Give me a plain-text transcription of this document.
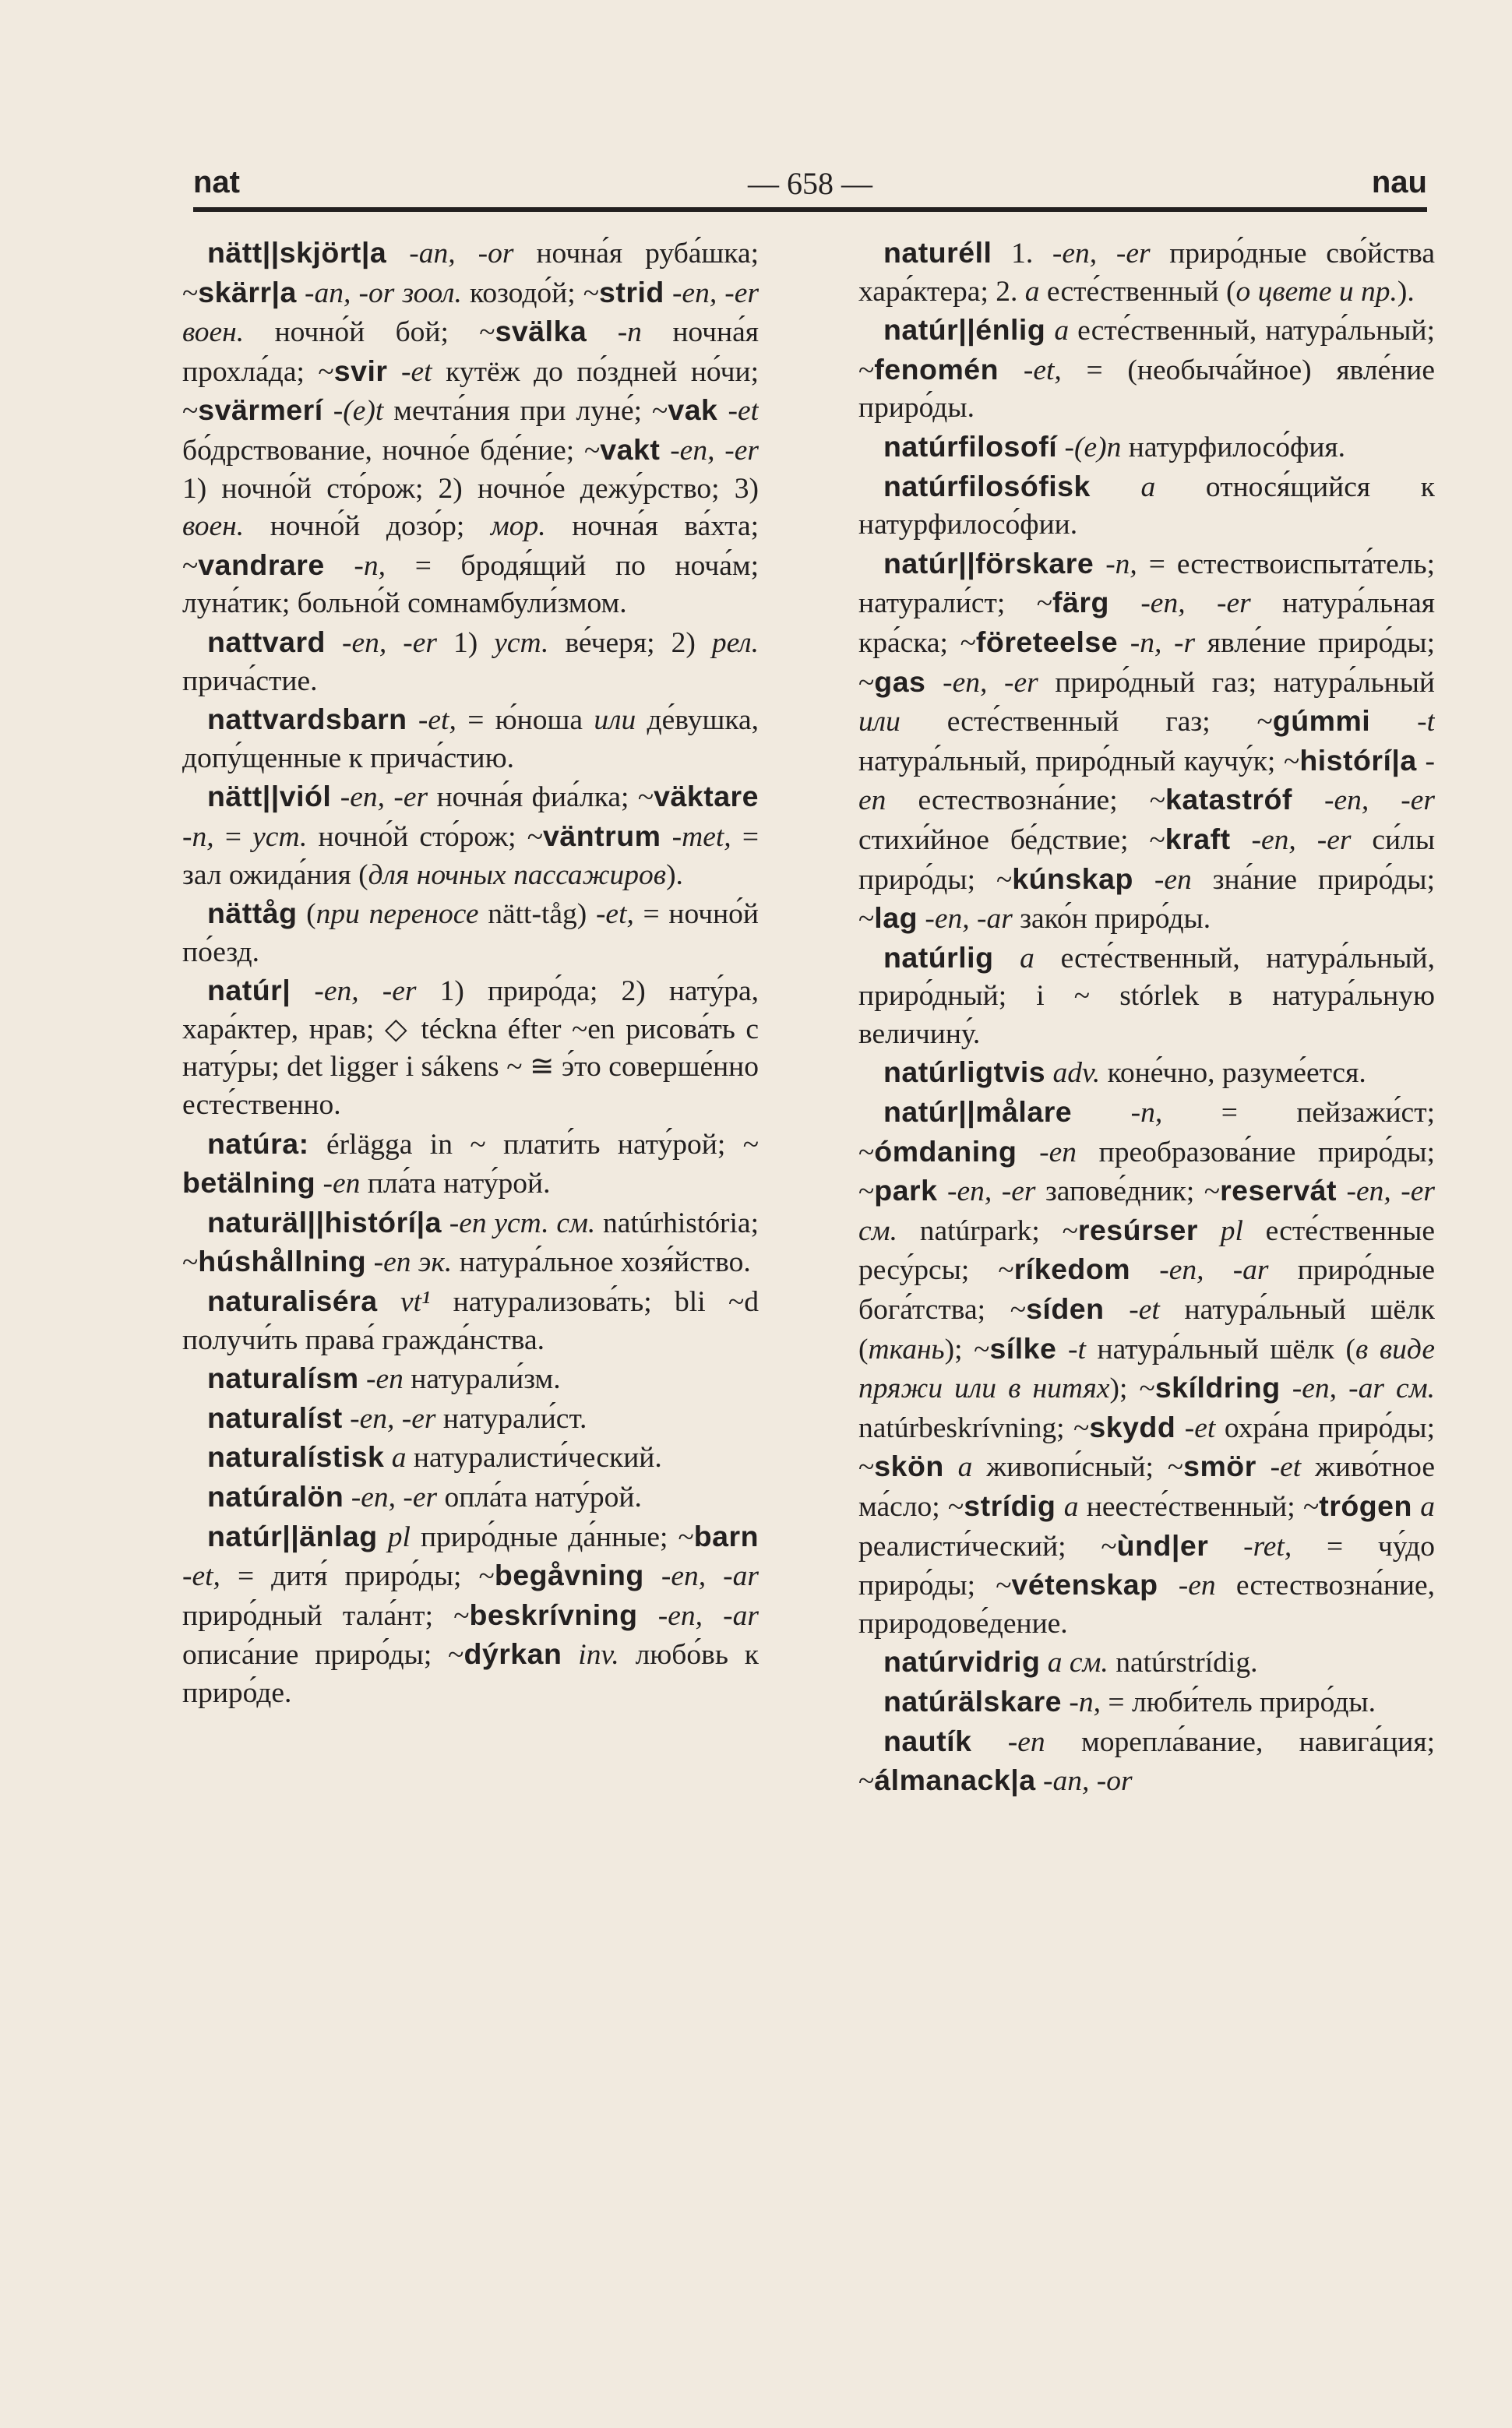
nat	— 658 —	nau

nätt||skjört|a -an, -or ночна́я руба́шка; ~skärr|a -an, -or зоол. козодо́й; ~strid -en, -er воен. ночно́й бой; ~svälka -n ночна́я прохла́да; ~svir -et кутёж до по́здней но́чи; ~svärmerí -(e)t мечта́ния при луне́; ~vak -et бо́дрствование, ночно́е бде́ние; ~vakt -en, -er 1) ночно́й сто́рож; 2) ночно́е дежу́рство; 3) воен. ночно́й дозо́р; мор. ночна́я ва́хта; ~vandrare -n, = бродя́щий по ноча́м; луна́тик; больно́й сомнамбули́змом.

nattvard -en, -er 1) уст. ве́черя; 2) рел. прича́стие.

nattvardsbarn -et, = ю́ноша или де́вушка, допу́щенные к прича́стию.

nätt||viól -en, -er ночна́я фиа́лка; ~väktare -n, = уст. ночно́й сто́рож; ~väntrum -met, = зал ожида́ния (для ночных пассажиров).

nättåg (при переносе nätt-tåg) -et, = ночно́й по́езд.

natúr| -en, -er 1) приро́да; 2) нату́ра, хара́ктер, нрав; ◇ téckna éfter ~en рисова́ть с нату́ры; det ligger i sákens ~ ≅ э́то соверше́нно есте́ственно.

natúra: érlägga in ~ плати́ть нату́рой; ~ betälning -en пла́та нату́рой.

naturäl||histórí|a -en уст. см. natúrhistória; ~húshållning -en эк. натура́льное хозя́йство.

naturaliséra vt¹ натурализова́ть; bli ~d получи́ть права́ гражда́нства.

naturalísm -en натурали́зм.

naturalíst -en, -er натурали́ст.

naturalístisk a натуралисти́ческий.

natúralön -en, -er опла́та нату́рой.

natúr||änlag pl приро́дные да́нные; ~barn -et, = дитя́ приро́ды; ~begåvning -en, -ar приро́дный тала́нт; ~beskrívning -en, -ar описа́ние приро́ды; ~dýrkan inv. любо́вь к приро́де.

naturéll 1. -en, -er приро́дные сво́йства хара́ктера; 2. a есте́ственный (о цвете и пр.).

natúr||énlig a есте́ственный, натура́льный; ~fenomén -et, = (необыча́йное) явле́ние приро́ды.

natúrfilosofí -(e)n натурфилосо́фия.

natúrfilosófisk a относя́щийся к натурфилосо́фии.

natúr||förskare -n, = естествоиспыта́тель; натурали́ст; ~färg -en, -er натура́льная кра́ска; ~företeelse -n, -r явле́ние приро́ды; ~gas -en, -er приро́дный газ; натура́льный или есте́ственный газ; ~gúmmi -t натура́льный, приро́дный каучу́к; ~histórí|a -en естествозна́ние; ~katastróf -en, -er стихи́йное бе́дствие; ~kraft -en, -er си́лы приро́ды; ~kúnskap -en зна́ние приро́ды; ~lag -en, -ar зако́н приро́ды.

natúrlig a есте́ственный, натура́льный, приро́дный; i ~ stórlek в натура́льную величину́.

natúrligtvis adv. коне́чно, разуме́ется.

natúr||målare -n, = пейзажи́ст; ~ómdaning -en преобразова́ние приро́ды; ~park -en, -er запове́дник; ~reservát -en, -er см. natúrpark; ~resúrser pl есте́ственные ресу́рсы; ~ríkedom -en, -ar приро́дные бога́тства; ~síden -et натура́льный шёлк (ткань); ~sílke -t натура́льный шёлк (в виде пряжи или в нитях); ~skíldring -en, -ar см. natúrbeskrívning; ~skydd -et охра́на приро́ды; ~skön a живопи́сный; ~smör -et живо́тное ма́сло; ~strídig a неесте́ственный; ~trógen a реалисти́ческий; ~ùnd|er -ret, = чу́до приро́ды; ~vétenskap -en естествозна́ние, природове́дение.

natúrvidrig a см. natúrstrídig.

natúrälskare -n, = люби́тель приро́ды.

nautík -en морепла́вание, навига́ция; ~álmanack|a -an, -or
